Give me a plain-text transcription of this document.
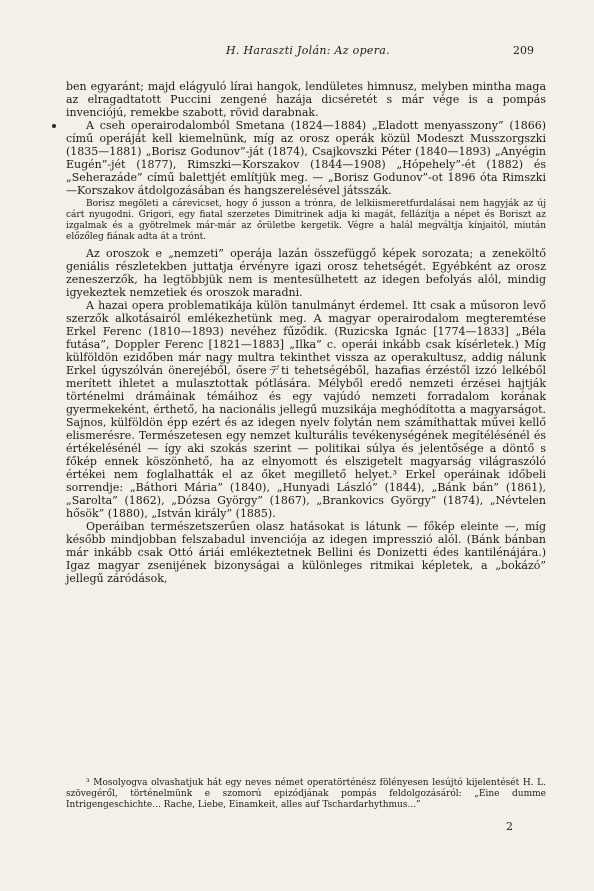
H. Haraszti Jolán: Az opera.	209

ben egyaránt; majd elágyuló lírai hangok, lendületes himnusz, melyben mintha maga az elragadtatott Puccini zengené hazája dicséretét s már vége is a pompás invenciójú, remekbe szabott, rövid darabnak.

A cseh operairodalomból Smetana (1824—1884) „Eladott menyasszony” (1866) című operáját kell kiemelnünk, míg az orosz operák közül Modeszt Musszorgszki (1835—1881) „Borisz Godunov”-ját (1874), Csajkovszki Péter (1840—1893) „Anyégin Eugén”-jét (1877), Rimszki—Korszakov (1844—1908) „Hópehely”-ét (1882) és „Seherazáde” című balettjét említjük meg. — „Borisz Godunov”-ot 1896 óta Rimszki—Korszakov átdolgozásában és hangszerelésével játsszák.

Borisz megöleti a cárevicset, hogy ő jusson a trónra, de lelkiismeretfurdalásai nem hagyják az új cárt nyugodni. Grigori, egy fiatal szerzetes Dimitrinek adja ki magát, fellázítja a népet és Boriszt az izgalmak és a gyötrelmek már-már az őrületbe kergetik. Végre a halál megváltja kínjaitól, miután előzőleg fiának adta át a trónt.

Az oroszok e „nemzeti” operája lazán összefüggő képek sorozata; a zeneköltő geniális részletekben juttatja érvényre igazi orosz tehetségét. Egyébként az orosz zeneszerzők, ha legtöbbjük nem is mentesülhetett az idegen befolyás alól, mindig igyekeztek nemzetiek és oroszok maradni.

A hazai opera problematikája külön tanulmányt érdemel. Itt csak a műsoron levő szerzők alkotásairól emlékezhetünk meg. A magyar operairodalom megteremtése Erkel Ferenc (1810—1893) nevéhez fűződik. (Ruzicska Ignác [1774—1833] „Béla futása”, Doppler Ferenc [1821—1883] „Ilka” c. operái inkább csak kísérletek.) Míg külföldön ezidőben már nagy multra tekinthet vissza az operakultusz, addig nálunk Erkel úgyszólván önerejéből, ősereデti tehetségéből, hazafias érzéstől izzó lelkéből merített ihletet a mulasztottak pótlására. Mélyből eredő nemzeti érzései hajtják történelmi drámáinak témáihoz és egy vajúdó nemzeti forradalom korának gyermekeként, érthető, ha nacionális jellegű muzsikája meghódította a magyarságot. Sajnos, külföldön épp ezért és az idegen nyelv folytán nem számíthattak művei kellő elismerésre. Természetesen egy nemzet kulturális tevékenységének megítélésénél és értékelésénél — így aki szokás szerint — politikai súlya és jelentősége a döntő s főkép ennek köszönhető, ha az elnyomott és elszigetelt magyarság világraszóló értékei nem foglalhatták el az őket megillető helyet.³ Erkel operáinak időbeli sorrendje: „Báthori Mária” (1840), „Hunyadi László” (1844), „Bánk bán” (1861), „Sarolta” (1862), „Dózsa György” (1867), „Brankovics György” (1874), „Névtelen hősök” (1880), „István király” (1885).

Operáiban természetszerűen olasz hatásokat is látunk — főkép eleinte —, míg később mindjobban felszabadul invenciója az idegen impresszió alól. (Bánk bánban már inkább csak Ottó áriái emlékeztetnek Bellini és Donizetti édes kantilénájára.) Igaz magyar zsenijének bizonyságai a különleges ritmikai képletek, a „bokázó” jellegű záródások,

³ Mosolyogva olvashatjuk hát egy neves német operatörténész fölényesen lesújtó kijelentését H. L. szövegéről, történelmünk e szomorú epizódjának pompás feldolgozásáról: „Eine dumme Intrigengeschichte... Rache, Liebe, Einamkeit, alles auf Tschardarhythmus...”

2
